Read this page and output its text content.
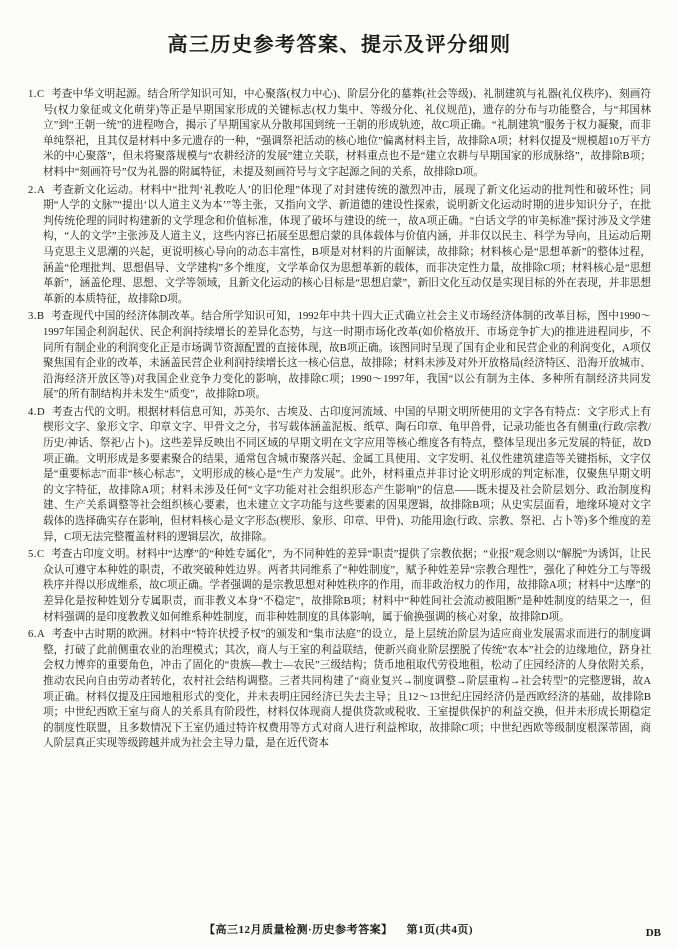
高三历史参考答案、提示及评分细则

1.C 考查中华文明起源。结合所学知识可知，中心聚落(权力中心)、阶层分化的墓葬(社会等级)、礼制建筑与礼器(礼仪秩序)、刻画符号(权力象征或文化萌芽)等正是早期国家形成的关键标志(权力集中、等级分化、礼仪规范)，遗存的分布与功能整合，与“邦国林立”到“王朝一统”的进程吻合，揭示了早期国家从分散邦国到统一王朝的形成轨迹，故C项正确。“礼制建筑”服务于权力凝聚，而非单纯祭祀，且其仅是材料中多元遗存的一种，“强调祭祀活动的核心地位”偏离材料主旨，故排除A项；材料仅提及“规模超10万平方米的中心聚落”，但未将聚落规模与“农耕经济的发展”建立关联，材料重点也不是“建立农耕与早期国家的形成脉络”，故排除B项；材料中“刻画符号”仅为礼器的附属特征，未提及刻画符号与文字起源之间的关系，故排除D项。

2.A 考查新文化运动。材料中“批判‘礼教吃人’的旧伦理”体现了对封建传统的激烈冲击，展现了新文化运动的批判性和破坏性；同期“人学的文脉”“提出‘以人道主义为本’”等主张，又指向文学、新道德的建设性探索，说明新文化运动时期的进步知识分子，在批判传统伦理的同时构建新的文学理念和价值标准，体现了破坏与建设的统一，故A项正确。“白话文学的审美标准”探讨涉及文学建构，“人的文学”主张涉及人道主义，这些内容已拓展至思想启蒙的具体载体与价值内涵，并非仅以民主、科学为导向，且运动后期马克思主义思潮的兴起，更说明核心导向的动态丰富性，B项是对材料的片面解读，故排除；材料核心是“思想革新”的整体过程，涵盖“伦理批判、思想倡导、文学建构”多个维度，文学革命仅为思想革新的载体，而非决定性力量，故排除C项；材料核心是“思想革新”，涵盖伦理、思想、文学等领域，且新文化运动的核心目标是“思想启蒙”，新旧文化互动仅是实现目标的外在表现，并非思想革新的本质特征，故排除D项。

3.B 考查现代中国的经济体制改革。结合所学知识可知，1992年中共十四大正式确立社会主义市场经济体制的改革目标，图中1990～1997年国企利润起伏、民企利润持续增长的差异化态势，与这一时期市场化改革(如价格放开、市场竞争扩大)的推进进程同步，不同所有制企业的利润变化正是市场调节资源配置的直接体现，故B项正确。该图同时呈现了国有企业和民营企业的利润变化，A项仅聚焦国有企业的改革，未涵盖民营企业利润持续增长这一核心信息，故排除；材料未涉及对外开放格局(经济特区、沿海开放城市、沿海经济开放区等)对我国企业竞争力变化的影响，故排除C项；1990～1997年，我国“以公有制为主体、多种所有制经济共同发展”的所有制结构并未发生“质变”，故排除D项。

4.D 考查古代的文明。根据材料信息可知，苏美尔、古埃及、古印度河流域、中国的早期文明所使用的文字各有特点：文字形式上有楔形文字、象形文字、印章文字、甲骨文之分，书写载体涵盖泥板、纸草、陶石印章、龟甲兽骨，记录功能也各有侧重(行政/宗教/历史/神话、祭祀/占卜)。这些差异反映出不同区域的早期文明在文字应用等核心维度各有特点，整体呈现出多元发展的特征，故D项正确。文明形成是多要素聚合的结果，通常包含城市聚落兴起、金属工具使用、文字发明、礼仪性建筑建造等关键指标，文字仅是“重要标志”而非“核心标志”，文明形成的核心是“生产力发展”。此外，材料重点并非讨论文明形成的判定标准，仅聚焦早期文明的文字特征，故排除A项；材料未涉及任何“文字功能对社会组织形态产生影响”的信息——既未提及社会阶层划分、政治制度构建、生产关系调整等社会组织核心要素，也未建立文字功能与这些要素的因果逻辑，故排除B项；从史实层面看，地缘环境对文字载体的选择确实存在影响，但材料核心是文字形态(楔形、象形、印章、甲骨)、功能用途(行政、宗教、祭祀、占卜等)多个维度的差异，C项无法完整覆盖材料的逻辑层次，故排除。

5.C 考查古印度文明。材料中“达摩”的“种姓专属化”，为不同种姓的差异“职责”提供了宗教依据；“业报”观念则以“解脱”为诱饵，让民众认可遵守本种姓的职责，不敢突破种姓边界。两者共同维系了“种姓制度”，赋予种姓差异“宗教合理性”，强化了种姓分工与等级秩序并得以形成维系，故C项正确。学者强调的是宗教思想对种姓秩序的作用，而非政治权力的作用，故排除A项；材料中“达摩”的差异化是按种姓划分专属职责，而非教义本身“不稳定”，故排除B项；材料中“种姓间社会流动被阻断”是种姓制度的结果之一，但材料强调的是印度教教义如何维系种姓制度，而非种姓制度的具体影响，属于偷换强调的核心对象，故排除D项。

6.A 考查中古时期的欧洲。材料中“特许状授予权”的颁发和“集市法庭”的设立，是上层统治阶层为适应商业发展需求而进行的制度调整，打破了此前侧重农业的治理模式；其次，商人与王室的利益联结，使新兴商业阶层摆脱了传统“农本”社会的边缘地位，跻身社会权力博弈的重要角色，冲击了固化的“贵族—教士—农民”三级结构；货币地租取代劳役地租，松动了庄园经济的人身依附关系，推动农民向自由劳动者转化，农村社会结构调整。三者共同构建了“商业复兴→制度调整→阶层重构→社会转型”的完整逻辑，故A项正确。材料仅提及庄园地租形式的变化，并未表明庄园经济已失去主导；且12～13世纪庄园经济仍是西欧经济的基础，故排除B项；中世纪西欧王室与商人的关系具有阶段性，材料仅体现商人提供贷款或税收、王室提供保护的利益交换，但并未形成长期稳定的制度性联盟，且多数情况下王室仍通过特许权费用等方式对商人进行利益榨取，故排除C项；中世纪西欧等级制度根深蒂固，商人阶层真正实现等级跨越并成为社会主导力量，是在近代资本

【高三12月质量检测·历史参考答案】 第1页(共4页)	DB
